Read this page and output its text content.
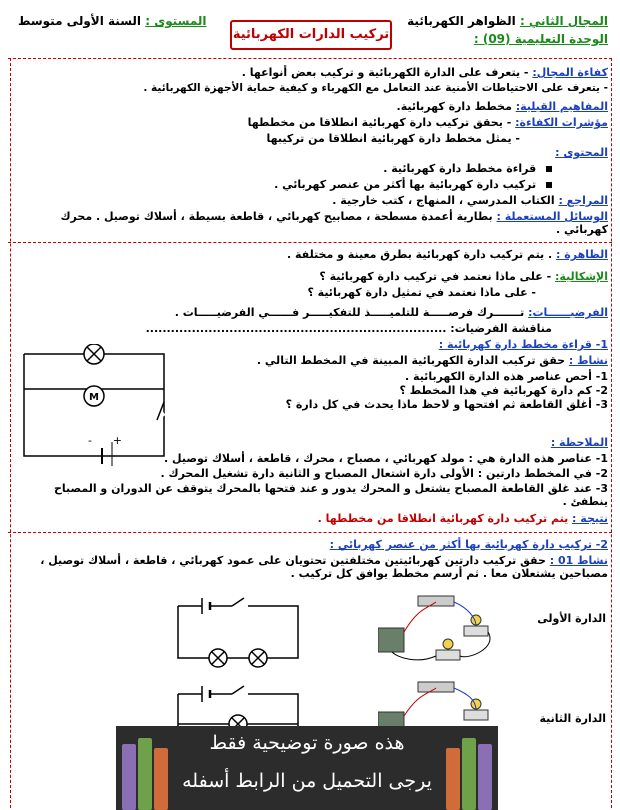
المجال الثاني : الظواهر الكهربائية
الوحدة التعليمية (09) :
المستوى : السنة الأولى متوسط
تركيب الدارات الكهربائية
كفاءة المجال: - يتعرف على الدارة الكهربائية و تركيب بعض أنواعها .
- يتعرف على الاحتياطات الأمنية عند التعامل مع الكهرباء و كيفية حماية الأجهزة الكهربائية .
المفاهيم القبلية: مخطط دارة كهربائية.
مؤشرات الكفاءة: - يحقق تركيب دارة كهربائية انطلاقا من مخططها
- يمثل مخطط دارة كهربائية انطلاقا من تركيبها
المحتوى :
قراءة مخطط دارة كهربائية .
تركيب دارة كهربائية بها أكثر من عنصر كهربائي .
المراجع : الكتاب المدرسي ، المنهاج ، كتب خارجية .
الوسائل المستعملة : بطارية أعمدة مسطحة ، مصابيح كهربائي ، قاطعة بسيطة ، أسلاك توصيل . محرك كهربائي .
الظاهرة : . يتم تركيب دارة كهربائية بطرق معينة و مختلفة .
الإشكالية: - على ماذا نعتمد في تركيب دارة كهربائية ؟
- على ماذا نعتمد في تمثيل دارة كهربائية ؟
الفرضيــــــات: تـــــــرك فرصـــــة للتلميـــــذ للتفكيـــــر فــــــي الفرضيـــــات .
مناقشة الفرضيات: ........................................................................
1- قراءة مخطط دارة كهربائية :
نشاط : حقق تركيب الدارة الكهربائية المبينة في المخطط التالي .
1- أحص عناصر هذه الدارة الكهربائية .
2- كم دارة كهربائية في هذا المخطط ؟
3- أغلق القاطعة ثم افتحها و لاحظ ماذا يحدث في كل دارة ؟
M
+
-	الملاحظة :
1- عناصر هذه الدارة هي : مولد كهربائي ، مصباح ، محرك ، قاطعة ، أسلاك توصيل .
2- في المخطط دارتين : الأولى دارة اشتعال المصباح و الثانية دارة تشغيل المحرك .
3- عند غلق القاطعة المصباح يشتعل و المحرك يدور و عند فتحها بالمحرك يتوقف عن الدوران و المصباح ينطفئ .
نتيجة : يتم تركيب دارة كهربائية انطلاقا من مخططها .
2- تركيب دارة كهربائية بها أكثر من عنصر كهربائي :
نشاط 01 : حقق تركيب دارتين كهربائيتين مختلفتين تحتويان على عمود كهربائي ، قاطعة ، أسلاك توصيل ، مصباحين يشتعلان معا . ثم أرسم مخطط يوافق كل تركيب .
الدارة الأولى
الدارة الثانية
هذه صورة توضيحية فقط
يرجى التحميل من الرابط أسفله
